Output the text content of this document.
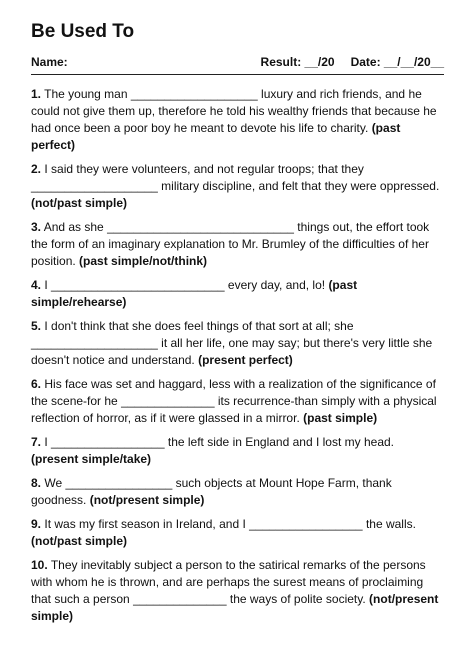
Be Used To
Name:	Result: __/20 Date: __/__/20__
1. The young man ___________________ luxury and rich friends, and he could not give them up, therefore he told his wealthy friends that because he had once been a poor boy he meant to devote his life to charity. (past perfect)
2. I said they were volunteers, and not regular troops; that they ___________________ military discipline, and felt that they were oppressed. (not/past simple)
3. And as she ____________________________ things out, the effort took the form of an imaginary explanation to Mr. Brumley of the difficulties of her position. (past simple/not/think)
4. I __________________________ every day, and, lo! (past simple/rehearse)
5. I don't think that she does feel things of that sort at all; she ___________________ it all her life, one may say; but there's very little she doesn't notice and understand. (present perfect)
6. His face was set and haggard, less with a realization of the significance of the scene-for he ______________ its recurrence-than simply with a physical reflection of horror, as if it were glassed in a mirror. (past simple)
7. I _________________ the left side in England and I lost my head. (present simple/take)
8. We ________________ such objects at Mount Hope Farm, thank goodness. (not/present simple)
9. It was my first season in Ireland, and I _________________ the walls. (not/past simple)
10. They inevitably subject a person to the satirical remarks of the persons with whom he is thrown, and are perhaps the surest means of proclaiming that such a person ______________ the ways of polite society. (not/present simple)
